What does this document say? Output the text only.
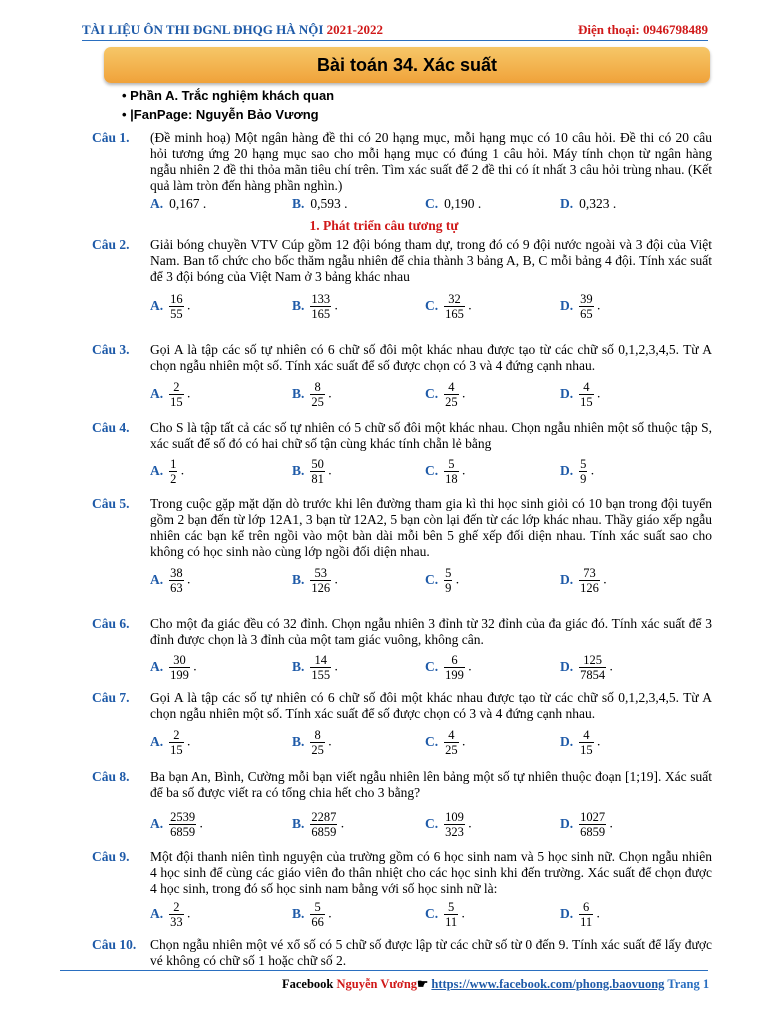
TÀI LIỆU ÔN THI ĐGNL ĐHQG HÀ NỘI 2021-2022	Điện thoại: 0946798489
Bài toán 34. Xác suất
• Phần A. Trắc nghiệm khách quan
• |FanPage: Nguyễn Bảo Vương
1. Phát triển câu tương tự
Câu 1. (Đề minh hoạ) Một ngân hàng đề thi có 20 hạng mục, mỗi hạng mục có 10 câu hỏi. Đề thi có 20 câu hỏi tương ứng 20 hạng mục sao cho mỗi hạng mục có đúng 1 câu hỏi. Máy tính chọn từ ngân hàng ngẫu nhiên 2 đề thi thỏa mãn tiêu chí trên. Tìm xác suất để 2 đề thi có ít nhất 3 câu hỏi trùng nhau. (Kết quả làm tròn đến hàng phần nghìn.)
A. 0,167 .	B. 0,593 .	C. 0,190 .	D. 0,323 .
Câu 2. Giải bóng chuyền VTV Cúp gồm 12 đội bóng tham dự, trong đó có 9 đội nước ngoài và 3 đội của Việt Nam. Ban tổ chức cho bốc thăm ngẫu nhiên để chia thành 3 bảng A, B, C mỗi bảng 4 đội. Tính xác suất để 3 đội bóng của Việt Nam ở 3 bảng khác nhau
A. $\frac{16}{55}$ .	B. $\frac{133}{165}$ .	C. $\frac{32}{165}$ .	D. $\frac{39}{65}$ .
Câu 3. Gọi A là tập các số tự nhiên có 6 chữ số đôi một khác nhau được tạo từ các chữ số 0,1,2,3,4,5. Từ A chọn ngẫu nhiên một số. Tính xác suất để số được chọn có 3 và 4 đứng cạnh nhau.
A. $\frac{2}{15}$ .	B. $\frac{8}{25}$ .	C. $\frac{4}{25}$ .	D. $\frac{4}{15}$ .
Câu 4. Cho S là tập tất cả các số tự nhiên có 5 chữ số đôi một khác nhau. Chọn ngẫu nhiên một số thuộc tập S, xác suất để số đó có hai chữ số tận cùng khác tính chẵn lẻ bằng
A. $\frac{1}{2}$ .	B. $\frac{50}{81}$ .	C. $\frac{5}{18}$ .	D. $\frac{5}{9}$ .
Câu 5. Trong cuộc gặp mặt dặn dò trước khi lên đường tham gia kì thi học sinh giỏi có 10 bạn trong đội tuyển gồm 2 bạn đến từ lớp 12A1, 3 bạn từ 12A2, 5 bạn còn lại đến từ các lớp khác nhau. Thầy giáo xếp ngẫu nhiên các bạn kể trên ngồi vào một bàn dài mỗi bên 5 ghế xếp đối diện nhau. Tính xác suất sao cho không có học sinh nào cùng lớp ngồi đối diện nhau.
A. $\frac{38}{63}$ .	B. $\frac{53}{126}$ .	C. $\frac{5}{9}$ .	D. $\frac{73}{126}$ .
Câu 6. Cho một đa giác đều có 32 đỉnh. Chọn ngẫu nhiên 3 đỉnh từ 32 đỉnh của đa giác đó. Tính xác suất để 3 đỉnh được chọn là 3 đỉnh của một tam giác vuông, không cân.
A. $\frac{30}{199}$ .	B. $\frac{14}{155}$ .	C. $\frac{6}{199}$ .	D. $\frac{125}{7854}$ .
Câu 7. Gọi A là tập các số tự nhiên có 6 chữ số đôi một khác nhau được tạo từ các chữ số 0,1,2,3,4,5. Từ A chọn ngẫu nhiên một số. Tính xác suất để số được chọn có 3 và 4 đứng cạnh nhau.
A. $\frac{2}{15}$ .	B. $\frac{8}{25}$ .	C. $\frac{4}{25}$ .	D. $\frac{4}{15}$ .
Câu 8. Ba bạn An, Bình, Cường mỗi bạn viết ngẫu nhiên lên bảng một số tự nhiên thuộc đoạn [1;19]. Xác suất để ba số được viết ra có tổng chia hết cho 3 bằng?
A. $\frac{2539}{6859}$ .	B. $\frac{2287}{6859}$ .	C. $\frac{109}{323}$ .	D. $\frac{1027}{6859}$ .
Câu 9. Một đội thanh niên tình nguyện của trường gồm có 6 học sinh nam và 5 học sinh nữ. Chọn ngẫu nhiên 4 học sinh để cùng các giáo viên đo thân nhiệt cho các học sinh khi đến trường. Xác suất để chọn được 4 học sinh, trong đó số học sinh nam bằng với số học sinh nữ là:
A. $\frac{2}{33}$ .	B. $\frac{5}{66}$ .	C. $\frac{5}{11}$ .	D. $\frac{6}{11}$ .
Câu 10. Chọn ngẫu nhiên một vé xổ số có 5 chữ số được lập từ các chữ số từ 0 đến 9. Tính xác suất để lấy được vé không có chữ số 1 hoặc chữ số 2.
Facebook Nguyễn Vương☛ https://www.facebook.com/phong.baovuong Trang 1
